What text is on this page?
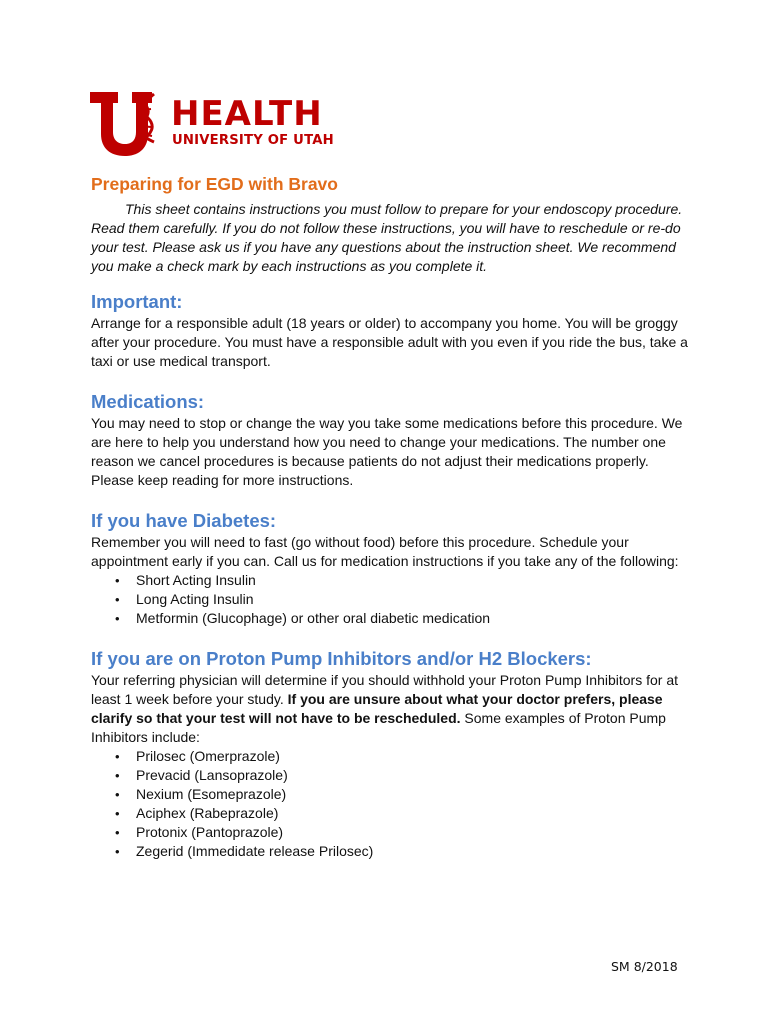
HEALTH
UNIVERSITY OF UTAH
Preparing for EGD with Bravo

This sheet contains instructions you must follow to prepare for your endoscopy procedure. Read them carefully. If you do not follow these instructions, you will have to reschedule or re-do your test. Please ask us if you have any questions about the instruction sheet. We recommend you make a check mark by each instructions as you complete it.

Important:

Arrange for a responsible adult (18 years or older) to accompany you home. You will be groggy after your procedure. You must have a responsible adult with you even if you ride the bus, take a taxi or use medical transport.

Medications:

You may need to stop or change the way you take some medications before this procedure. We are here to help you understand how you need to change your medications. The number one reason we cancel procedures is because patients do not adjust their medications properly. Please keep reading for more instructions.

If you have Diabetes:

Remember you will need to fast (go without food) before this procedure. Schedule your appointment early if you can. Call us for medication instructions if you take any of the following:

• Short Acting Insulin
• Long Acting Insulin
• Metformin (Glucophage) or other oral diabetic medication
If you are on Proton Pump Inhibitors and/or H2 Blockers:

Your referring physician will determine if you should withhold your Proton Pump Inhibitors for at least 1 week before your study. If you are unsure about what your doctor prefers, please clarify so that your test will not have to be rescheduled. Some examples of Proton Pump Inhibitors include:

• Prilosec (Omerprazole)
• Prevacid (Lansoprazole)
• Nexium (Esomeprazole)
• Aciphex (Rabeprazole)
• Protonix (Pantoprazole)
• Zegerid (Immedidate release Prilosec)
SM 8/2018
